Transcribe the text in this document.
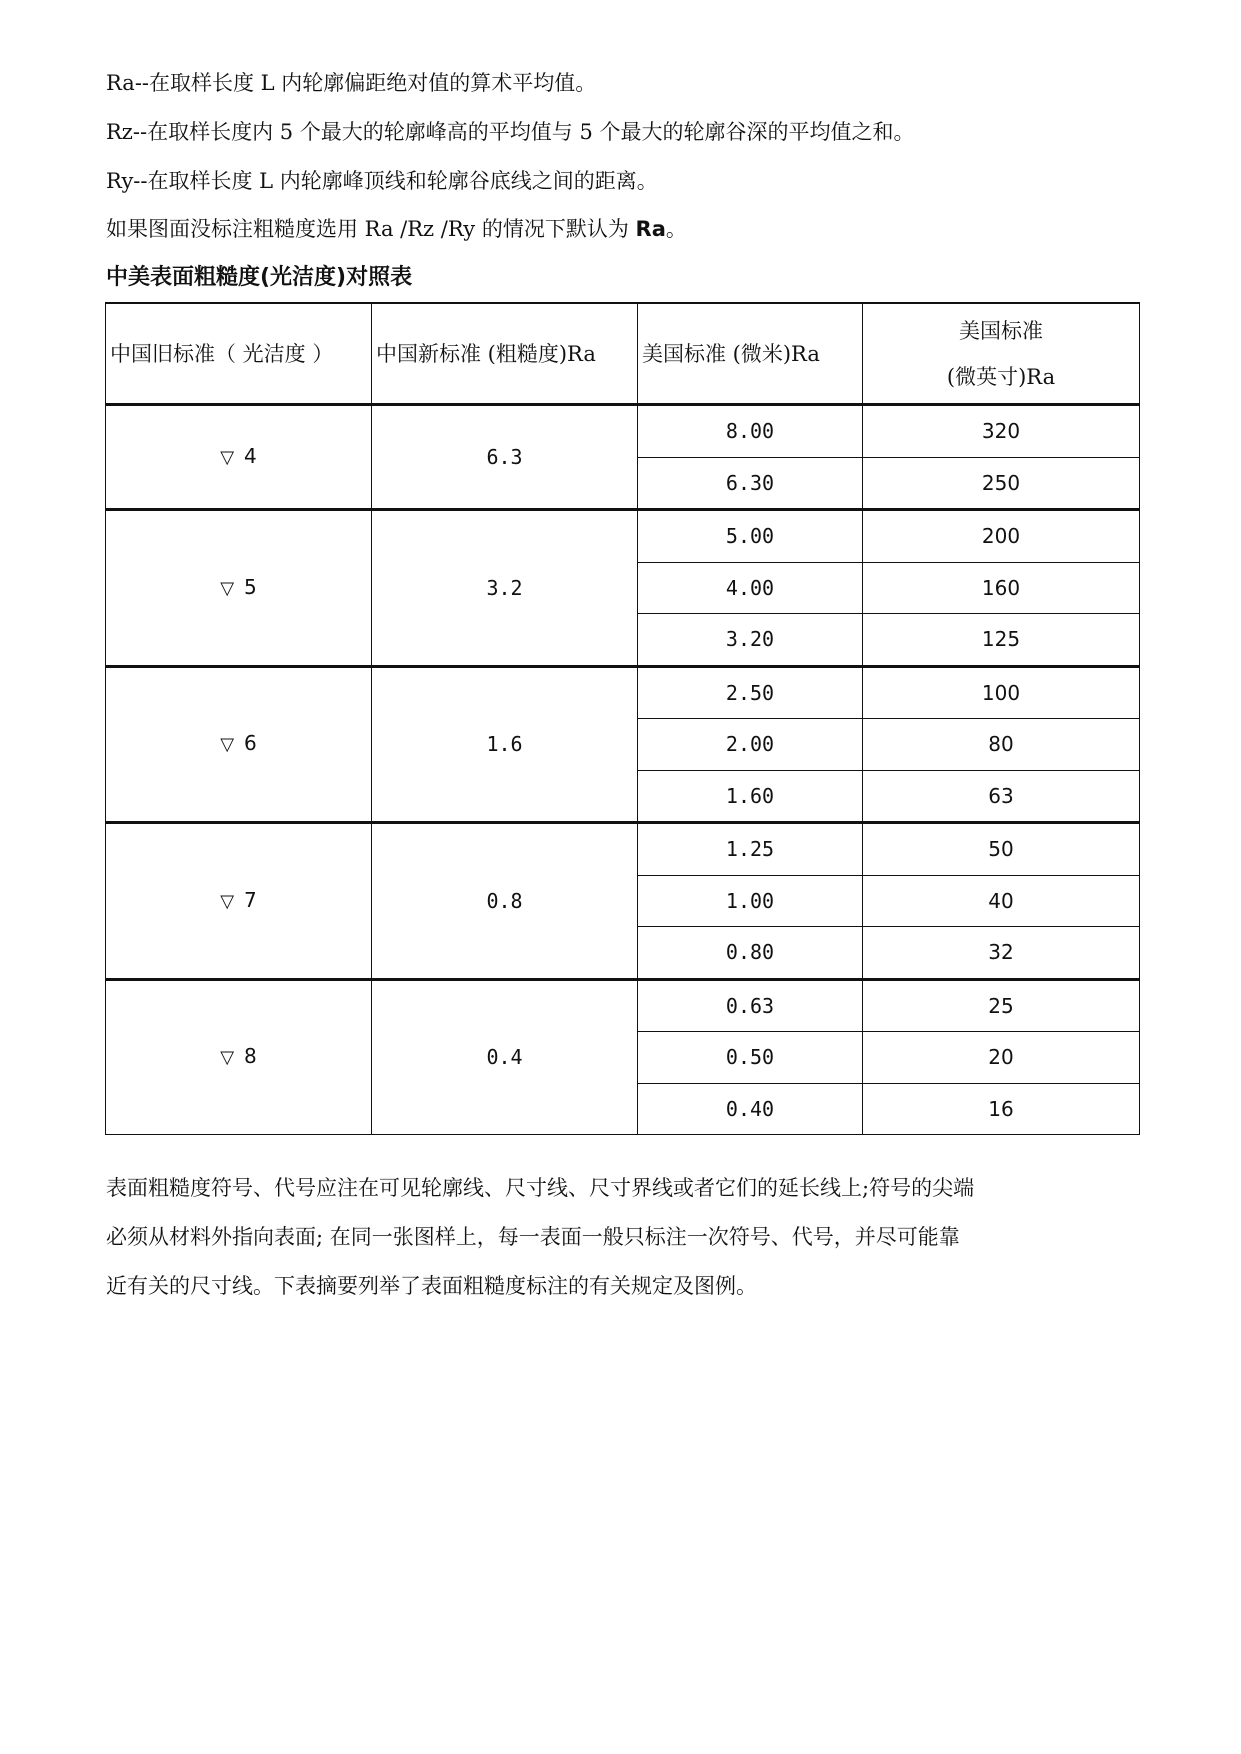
Ra--在取样长度 L 内轮廓偏距绝对值的算术平均值。
Rz--在取样长度内 5 个最大的轮廓峰高的平均值与 5 个最大的轮廓谷深的平均值之和。
Ry--在取样长度 L 内轮廓峰顶线和轮廓谷底线之间的距离。
如果图面没标注粗糙度选用 Ra /Rz /Ry 的情况下默认为 Ra。
中美表面粗糙度(光洁度)对照表
中国旧标准（ 光洁度 ）	中国新标准 (粗糙度)Ra	美国标准 (微米)Ra	美国标准
(微英寸)Ra

▽ 4	6.3	8.00	320
		6.30	250
▽ 5	3.2	5.00	200
		4.00	160
		3.20	125
▽ 6	1.6	2.50	100
		2.00	80
		1.60	63
▽ 7	0.8	1.25	50
		1.00	40
		0.80	32
▽ 8	0.4	0.63	25
		0.50	20
		0.40	16
表面粗糙度符号、代号应注在可见轮廓线、尺寸线、尺寸界线或者它们的延长线上;符号的尖端
必须从材料外指向表面; 在同一张图样上，每一表面一般只标注一次符号、代号，并尽可能靠
近有关的尺寸线。下表摘要列举了表面粗糙度标注的有关规定及图例。
